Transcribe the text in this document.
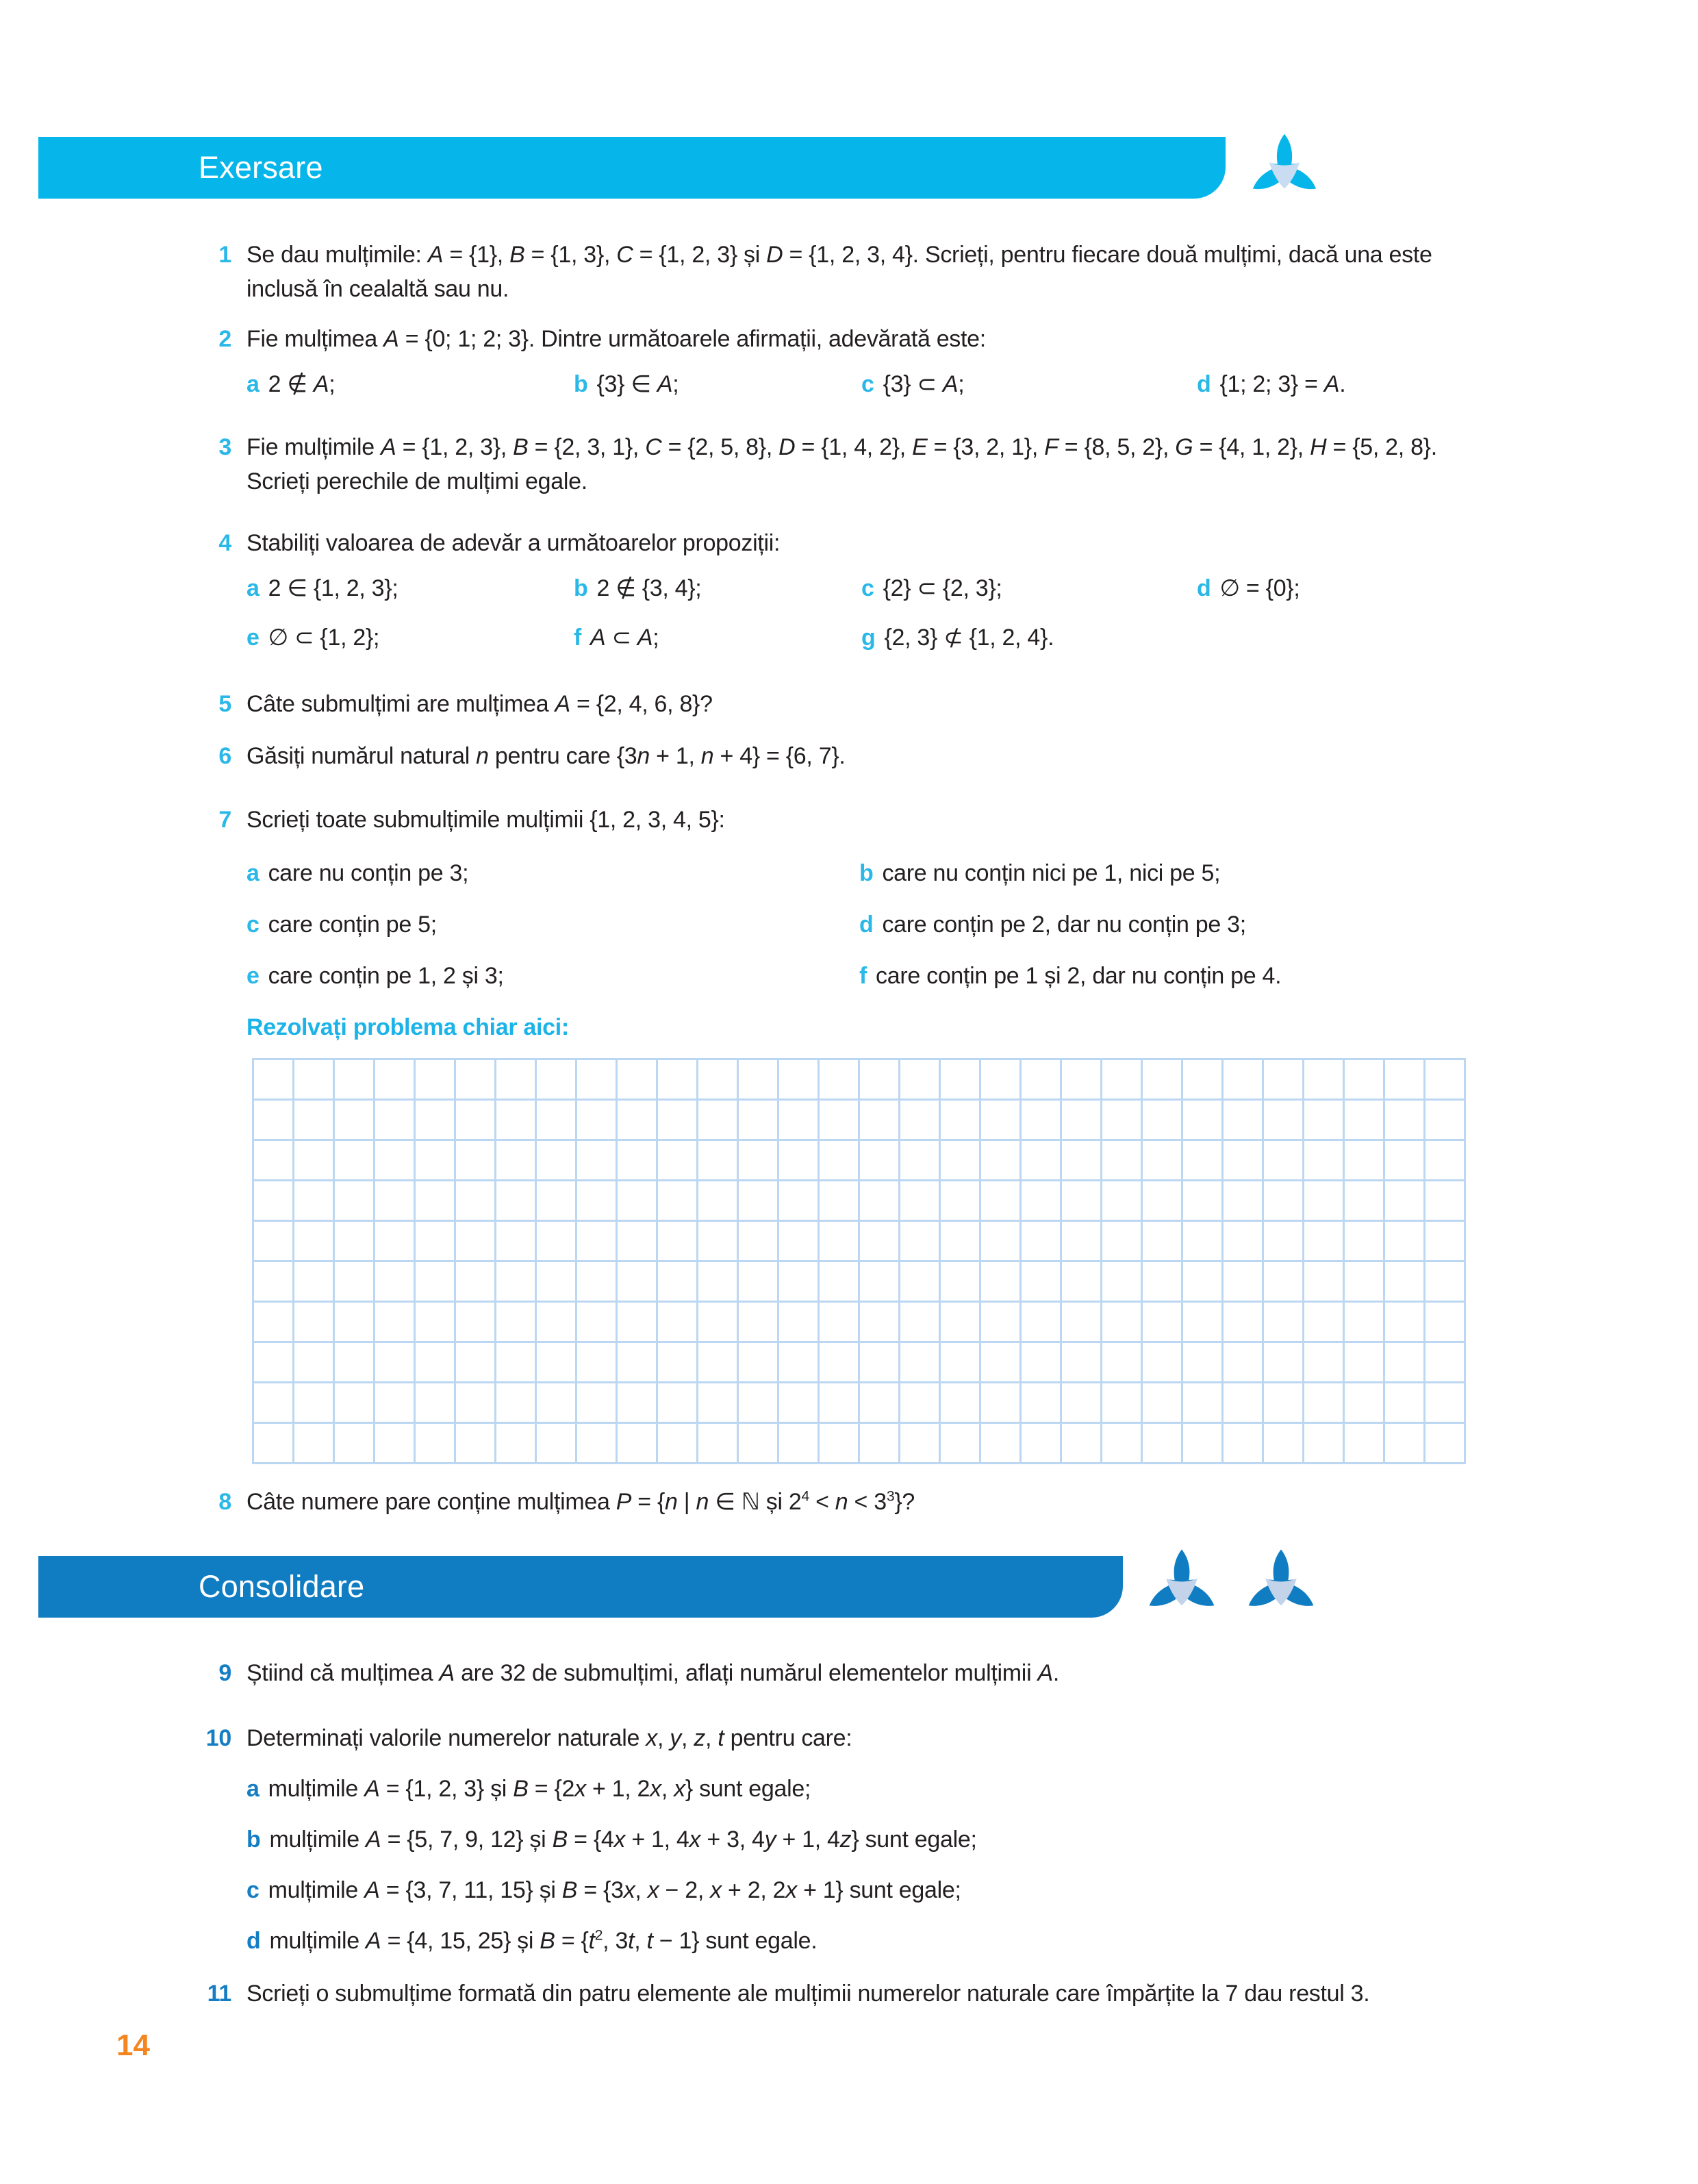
Exersare
1 Se dau mulțimile: A = {1}, B = {1, 3}, C = {1, 2, 3} și D = {1, 2, 3, 4}. Scrieți, pentru fiecare două mulțimi, dacă una este inclusă în cealaltă sau nu.
2 Fie mulțimea A = {0; 1; 2; 3}. Dintre următoarele afirmații, adevărată este:
a 2 ∉ A;	b {3} ∈ A;	c {3} ⊂ A;	d {1; 2; 3} = A.
3 Fie mulțimile A = {1, 2, 3}, B = {2, 3, 1}, C = {2, 5, 8}, D = {1, 4, 2}, E = {3, 2, 1}, F = {8, 5, 2}, G = {4, 1, 2}, H = {5, 2, 8}. Scrieți perechile de mulțimi egale.
4 Stabiliți valoarea de adevăr a următoarelor propoziții:
a 2 ∈ {1, 2, 3};	b 2 ∉ {3, 4};	c {2} ⊂ {2, 3};	d ∅ = {0};
e ∅ ⊂ {1, 2};	f A ⊂ A;	g {2, 3} ⊄ {1, 2, 4}.
5 Câte submulțimi are mulțimea A = {2, 4, 6, 8}?
6 Găsiți numărul natural n pentru care {3n + 1, n + 4} = {6, 7}.
7 Scrieți toate submulțimile mulțimii {1, 2, 3, 4, 5}:
a care nu conțin pe 3;	b care nu conțin nici pe 1, nici pe 5;
c care conțin pe 5;	d care conțin pe 2, dar nu conțin pe 3;
e care conțin pe 1, 2 și 3;	f care conțin pe 1 și 2, dar nu conțin pe 4.
Rezolvați problema chiar aici:
8 Câte numere pare conține mulțimea P = {n | n ∈ ℕ și $2^4 < n < 3^3$}?
Consolidare
9 Știind că mulțimea A are 32 de submulțimi, aflați numărul elementelor mulțimii A.
10 Determinați valorile numerelor naturale x, y, z, t pentru care:
a mulțimile A = {1, 2, 3} și B = {2x + 1, 2x, x} sunt egale;
b mulțimile A = {5, 7, 9, 12} și B = {4x + 1, 4x + 3, 4y + 1, 4z} sunt egale;
c mulțimile A = {3, 7, 11, 15} și B = {3x, x − 2, x + 2, 2x + 1} sunt egale;
d mulțimile A = {4, 15, 25} și $B = \{t^2$, 3t, t − 1} sunt egale.
11 Scrieți o submulțime formată din patru elemente ale mulțimii numerelor naturale care împărțite la 7 dau restul 3.
14
